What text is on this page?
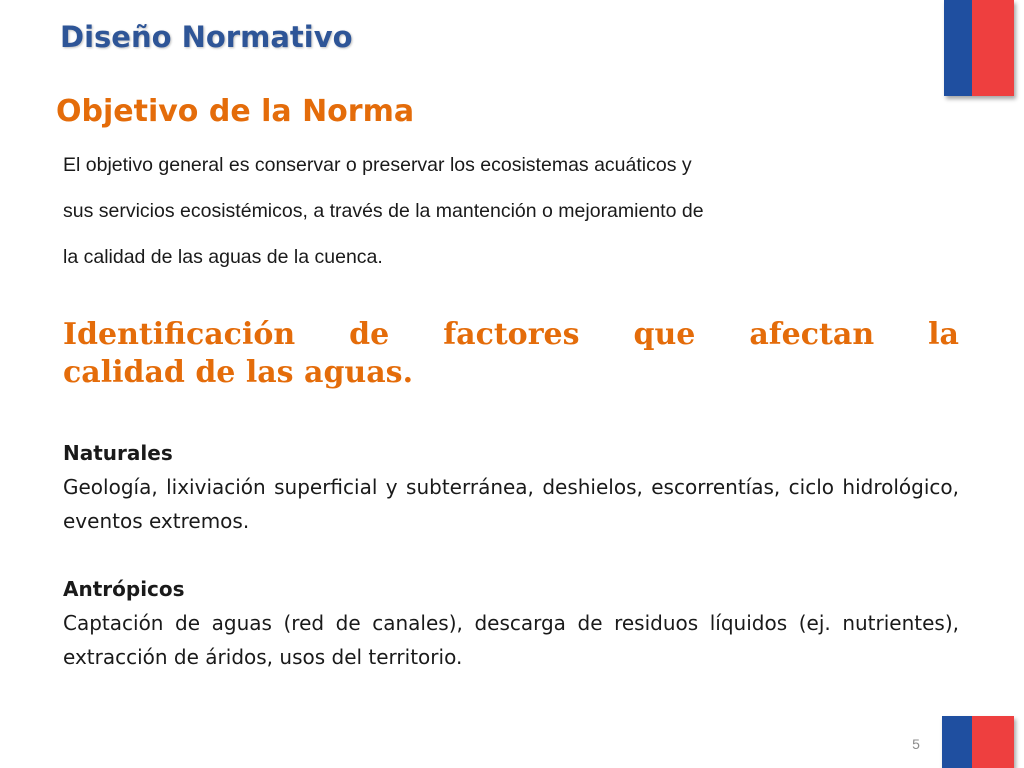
Diseño Normativo
Objetivo de la Norma
El objetivo general es conservar o preservar los ecosistemas acuáticos y
sus servicios ecosistémicos, a través de la mantención o mejoramiento de
la calidad de las aguas de la cuenca.
Identificación de factores que afectan la
calidad de las aguas.
Naturales
Geología, lixiviación superficial y subterránea, deshielos, escorrentías, ciclo hidrológico, eventos extremos.
Antrópicos
Captación de aguas (red de canales), descarga de residuos líquidos (ej. nutrientes), extracción de áridos, usos del territorio.
5
